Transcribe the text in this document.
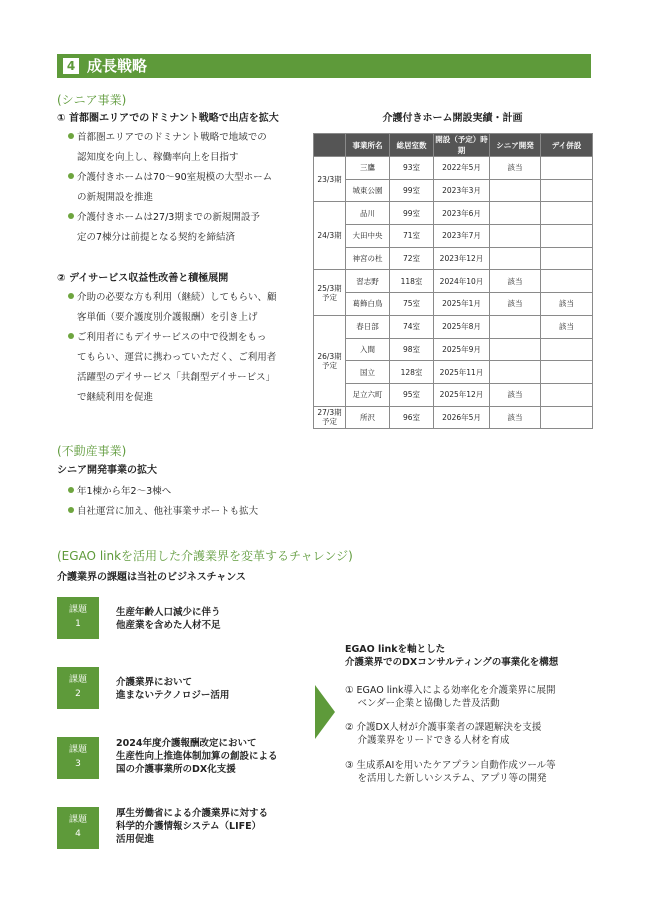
4 成長戦略
(シニア事業)
① 首都圏エリアでのドミナント戦略で出店を拡大
首都圏エリアでのドミナント戦略で地域での
認知度を向上し、稼働率向上を目指す
介護付きホームは70～90室規模の大型ホーム
の新規開設を推進
介護付きホームは27/3期までの新規開設予
定の7棟分は前提となる契約を締結済
② デイサービス収益性改善と積極展開
介助の必要な方も利用（継続）してもらい、顧
客単価（要介護度別介護報酬）を引き上げ
ご利用者にもデイサービスの中で役割をもっ
てもらい、運営に携わっていただく、ご利用者
活躍型のデイサービス「共創型デイサービス」
で継続利用を促進
介護付きホーム開設実績・計画
	事業所名	総居室数	開設（予定）時期	シニア開発	デイ併設
23/3期	三鷹	93室	2022年5月	該当	
	城東公園	99室	2023年3月		
24/3期	品川	99室	2023年6月		
	大田中央	71室	2023年7月		
	神宮の杜	72室	2023年12月		
25/3期
予定	習志野	118室	2024年10月	該当	
	葛飾白鳥	75室	2025年1月	該当	該当
26/3期
予定	春日部	74室	2025年8月		該当
	入間	98室	2025年9月		
	国立	128室	2025年11月		
	足立六町	95室	2025年12月	該当	
27/3期
予定	所沢	96室	2026年5月	該当	
(不動産事業)
シニア開発事業の拡大
年1棟から年2～3棟へ
自社運営に加え、他社事業サポートも拡大
(EGAO linkを活用した介護業界を変革するチャレンジ)
介護業界の課題は当社のビジネスチャンス
課題
1
生産年齢人口減少に伴う
他産業を含めた人材不足
課題
2
介護業界において
進まないテクノロジー活用
課題
3
2024年度介護報酬改定において
生産性向上推進体制加算の創設による
国の介護事業所のDX化支援
課題
4
厚生労働省による介護業界に対する
科学的介護情報システム（LIFE）
活用促進
EGAO linkを軸とした
介護業界でのDXコンサルティングの事業化を構想
① EGAO link導入による効率化を介護業界に展開
　 ベンダー企業と協働した普及活動
② 介護DX人材が介護事業者の課題解決を支援
　 介護業界をリードできる人材を育成
③ 生成系AIを用いたケアプラン自動作成ツール等
　 を活用した新しいシステム、アプリ等の開発
